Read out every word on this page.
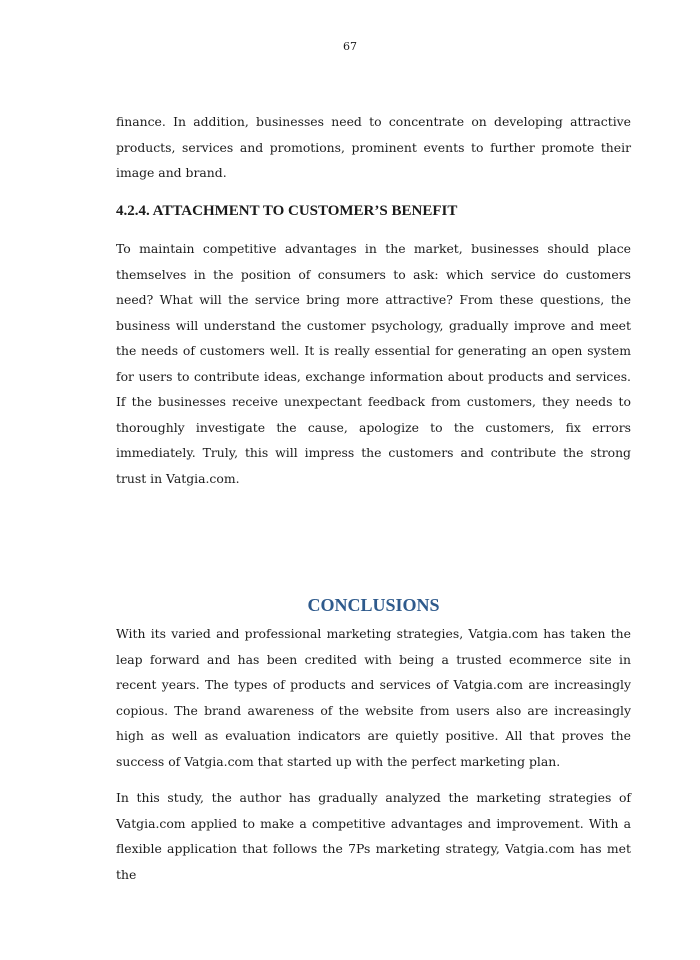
67

finance. In addition, businesses need to concentrate on developing attractive products, services and promotions, prominent events to further promote their image and brand.

4.2.4. ATTACHMENT TO CUSTOMER’S BENEFIT

To maintain competitive advantages in the market, businesses should place themselves in the position of consumers to ask: which service do customers need? What will the service bring more attractive? From these questions, the business will understand the customer psychology, gradually improve and meet the needs of customers well. It is really essential for generating an open system for users to contribute ideas, exchange information about products and services. If the businesses receive unexpectant feedback from customers, they needs to thoroughly investigate the cause, apologize to the customers, fix errors immediately. Truly, this will impress the customers and contribute the strong trust in Vatgia.com.

CONCLUSIONS

With its varied and professional marketing strategies, Vatgia.com has taken the leap forward and has been credited with being a trusted ecommerce site in recent years. The types of products and services of Vatgia.com are increasingly copious. The brand awareness of the website from users also are increasingly high as well as evaluation indicators are quietly positive. All that proves the success of Vatgia.com that started up with the perfect marketing plan.

In this study, the author has gradually analyzed the marketing strategies of Vatgia.com applied to make a competitive advantages and improvement. With a flexible application that follows the 7Ps marketing strategy, Vatgia.com has met the
